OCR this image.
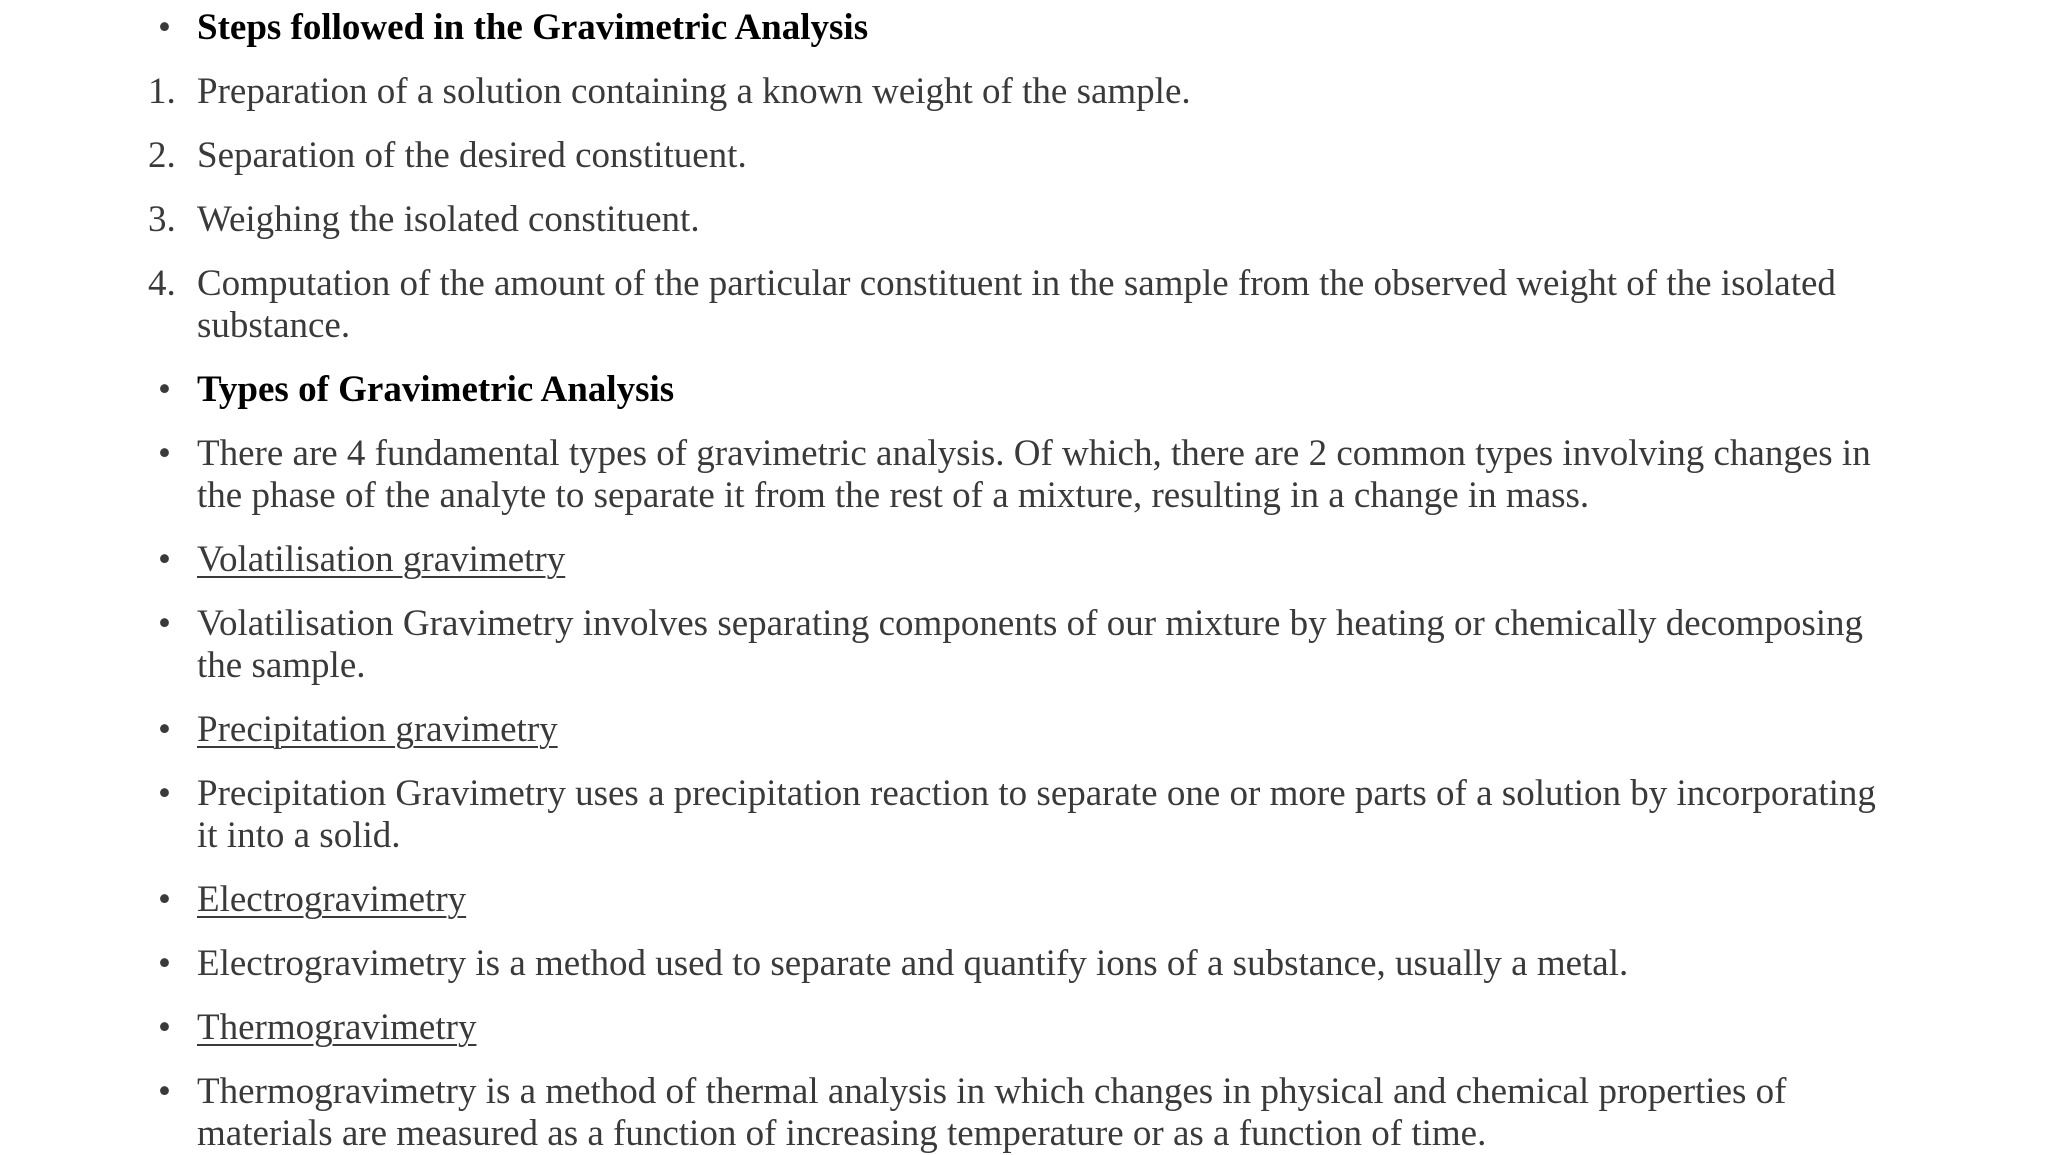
• Steps followed in the Gravimetric Analysis
1. Preparation of a solution containing a known weight of the sample.
2. Separation of the desired constituent.
3. Weighing the isolated constituent.
4. Computation of the amount of the particular constituent in the sample from the observed weight of the isolated substance.
• Types of Gravimetric Analysis
• There are 4 fundamental types of gravimetric analysis. Of which, there are 2 common types involving changes in the phase of the analyte to separate it from the rest of a mixture, resulting in a change in mass.
• Volatilisation gravimetry
• Volatilisation Gravimetry involves separating components of our mixture by heating or chemically decomposing the sample.
• Precipitation gravimetry
• Precipitation Gravimetry uses a precipitation reaction to separate one or more parts of a solution by incorporating it into a solid.
• Electrogravimetry
• Electrogravimetry is a method used to separate and quantify ions of a substance, usually a metal.
• Thermogravimetry
• Thermogravimetry is a method of thermal analysis in which changes in physical and chemical properties of materials are measured as a function of increasing temperature or as a function of time.
